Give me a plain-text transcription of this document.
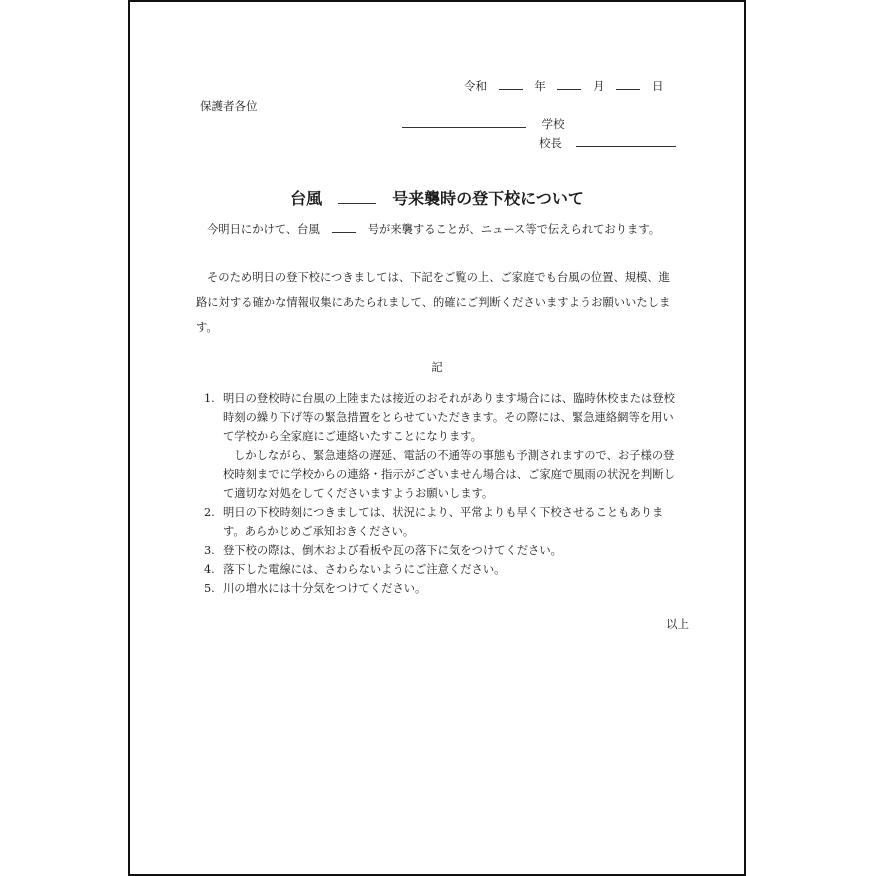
令和	年	月	日
保護者各位
学校
校長
台風	号来襲時の登下校について
今明日にかけて、台風	号が来襲することが、ニュース等で伝えられております。
そのため明日の登下校につきましては、下記をご覧の上、ご家庭でも台風の位置、規模、進路に対する確かな情報収集にあたられまして、的確にご判断くださいますようお願いいたします。
記
1. 明日の登校時に台風の上陸または接近のおそれがあります場合には、臨時休校または登校時刻の繰り下げ等の緊急措置をとらせていただきます。その際には、緊急連絡網等を用いて学校から全家庭にご連絡いたすことになります。
しかしながら、緊急連絡の遅延、電話の不通等の事態も予測されますので、お子様の登校時刻までに学校からの連絡・指示がございません場合は、ご家庭で風雨の状況を判断して適切な対処をしてくださいますようお願いします。
2. 明日の下校時刻につきましては、状況により、平常よりも早く下校させることもあります。あらかじめご承知おきください。
3. 登下校の際は、倒木および看板や瓦の落下に気をつけてください。
4. 落下した電線には、さわらないようにご注意ください。
5. 川の増水には十分気をつけてください。
以上
